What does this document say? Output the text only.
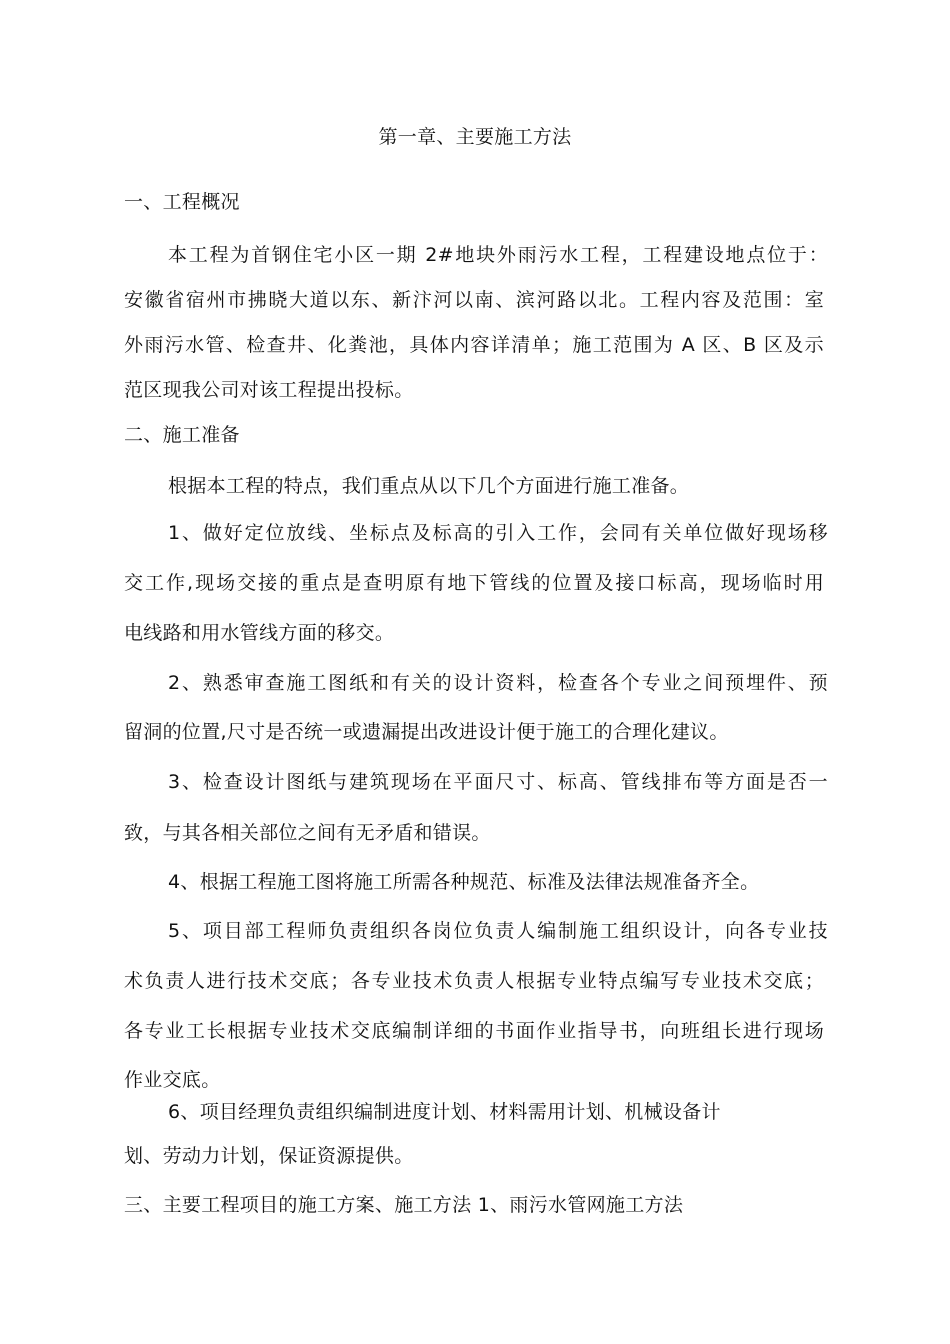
第一章、主要施工方法
一、工程概况
本工程为首钢住宅小区一期 2#地块外雨污水工程，工程建设地点位于：
安徽省宿州市拂晓大道以东、新汴河以南、滨河路以北。工程内容及范围：室
外雨污水管、检查井、化粪池，具体内容详清单；施工范围为 A 区、B 区及示
范区现我公司对该工程提出投标。
二、施工准备
根据本工程的特点，我们重点从以下几个方面进行施工准备。
1、做好定位放线、坐标点及标高的引入工作，会同有关单位做好现场移
交工作,现场交接的重点是查明原有地下管线的位置及接口标高，现场临时用
电线路和用水管线方面的移交。
2、熟悉审查施工图纸和有关的设计资料，检查各个专业之间预埋件、预
留洞的位置,尺寸是否统一或遗漏提出改进设计便于施工的合理化建议。
3、检查设计图纸与建筑现场在平面尺寸、标高、管线排布等方面是否一
致，与其各相关部位之间有无矛盾和错误。
4、根据工程施工图将施工所需各种规范、标准及法律法规准备齐全。
5、项目部工程师负责组织各岗位负责人编制施工组织设计，向各专业技
术负责人进行技术交底；各专业技术负责人根据专业特点编写专业技术交底；
各专业工长根据专业技术交底编制详细的书面作业指导书，向班组长进行现场
作业交底。
6、项目经理负责组织编制进度计划、材料需用计划、机械设备计
划、劳动力计划，保证资源提供。
三、主要工程项目的施工方案、施工方法 1、雨污水管网施工方法
